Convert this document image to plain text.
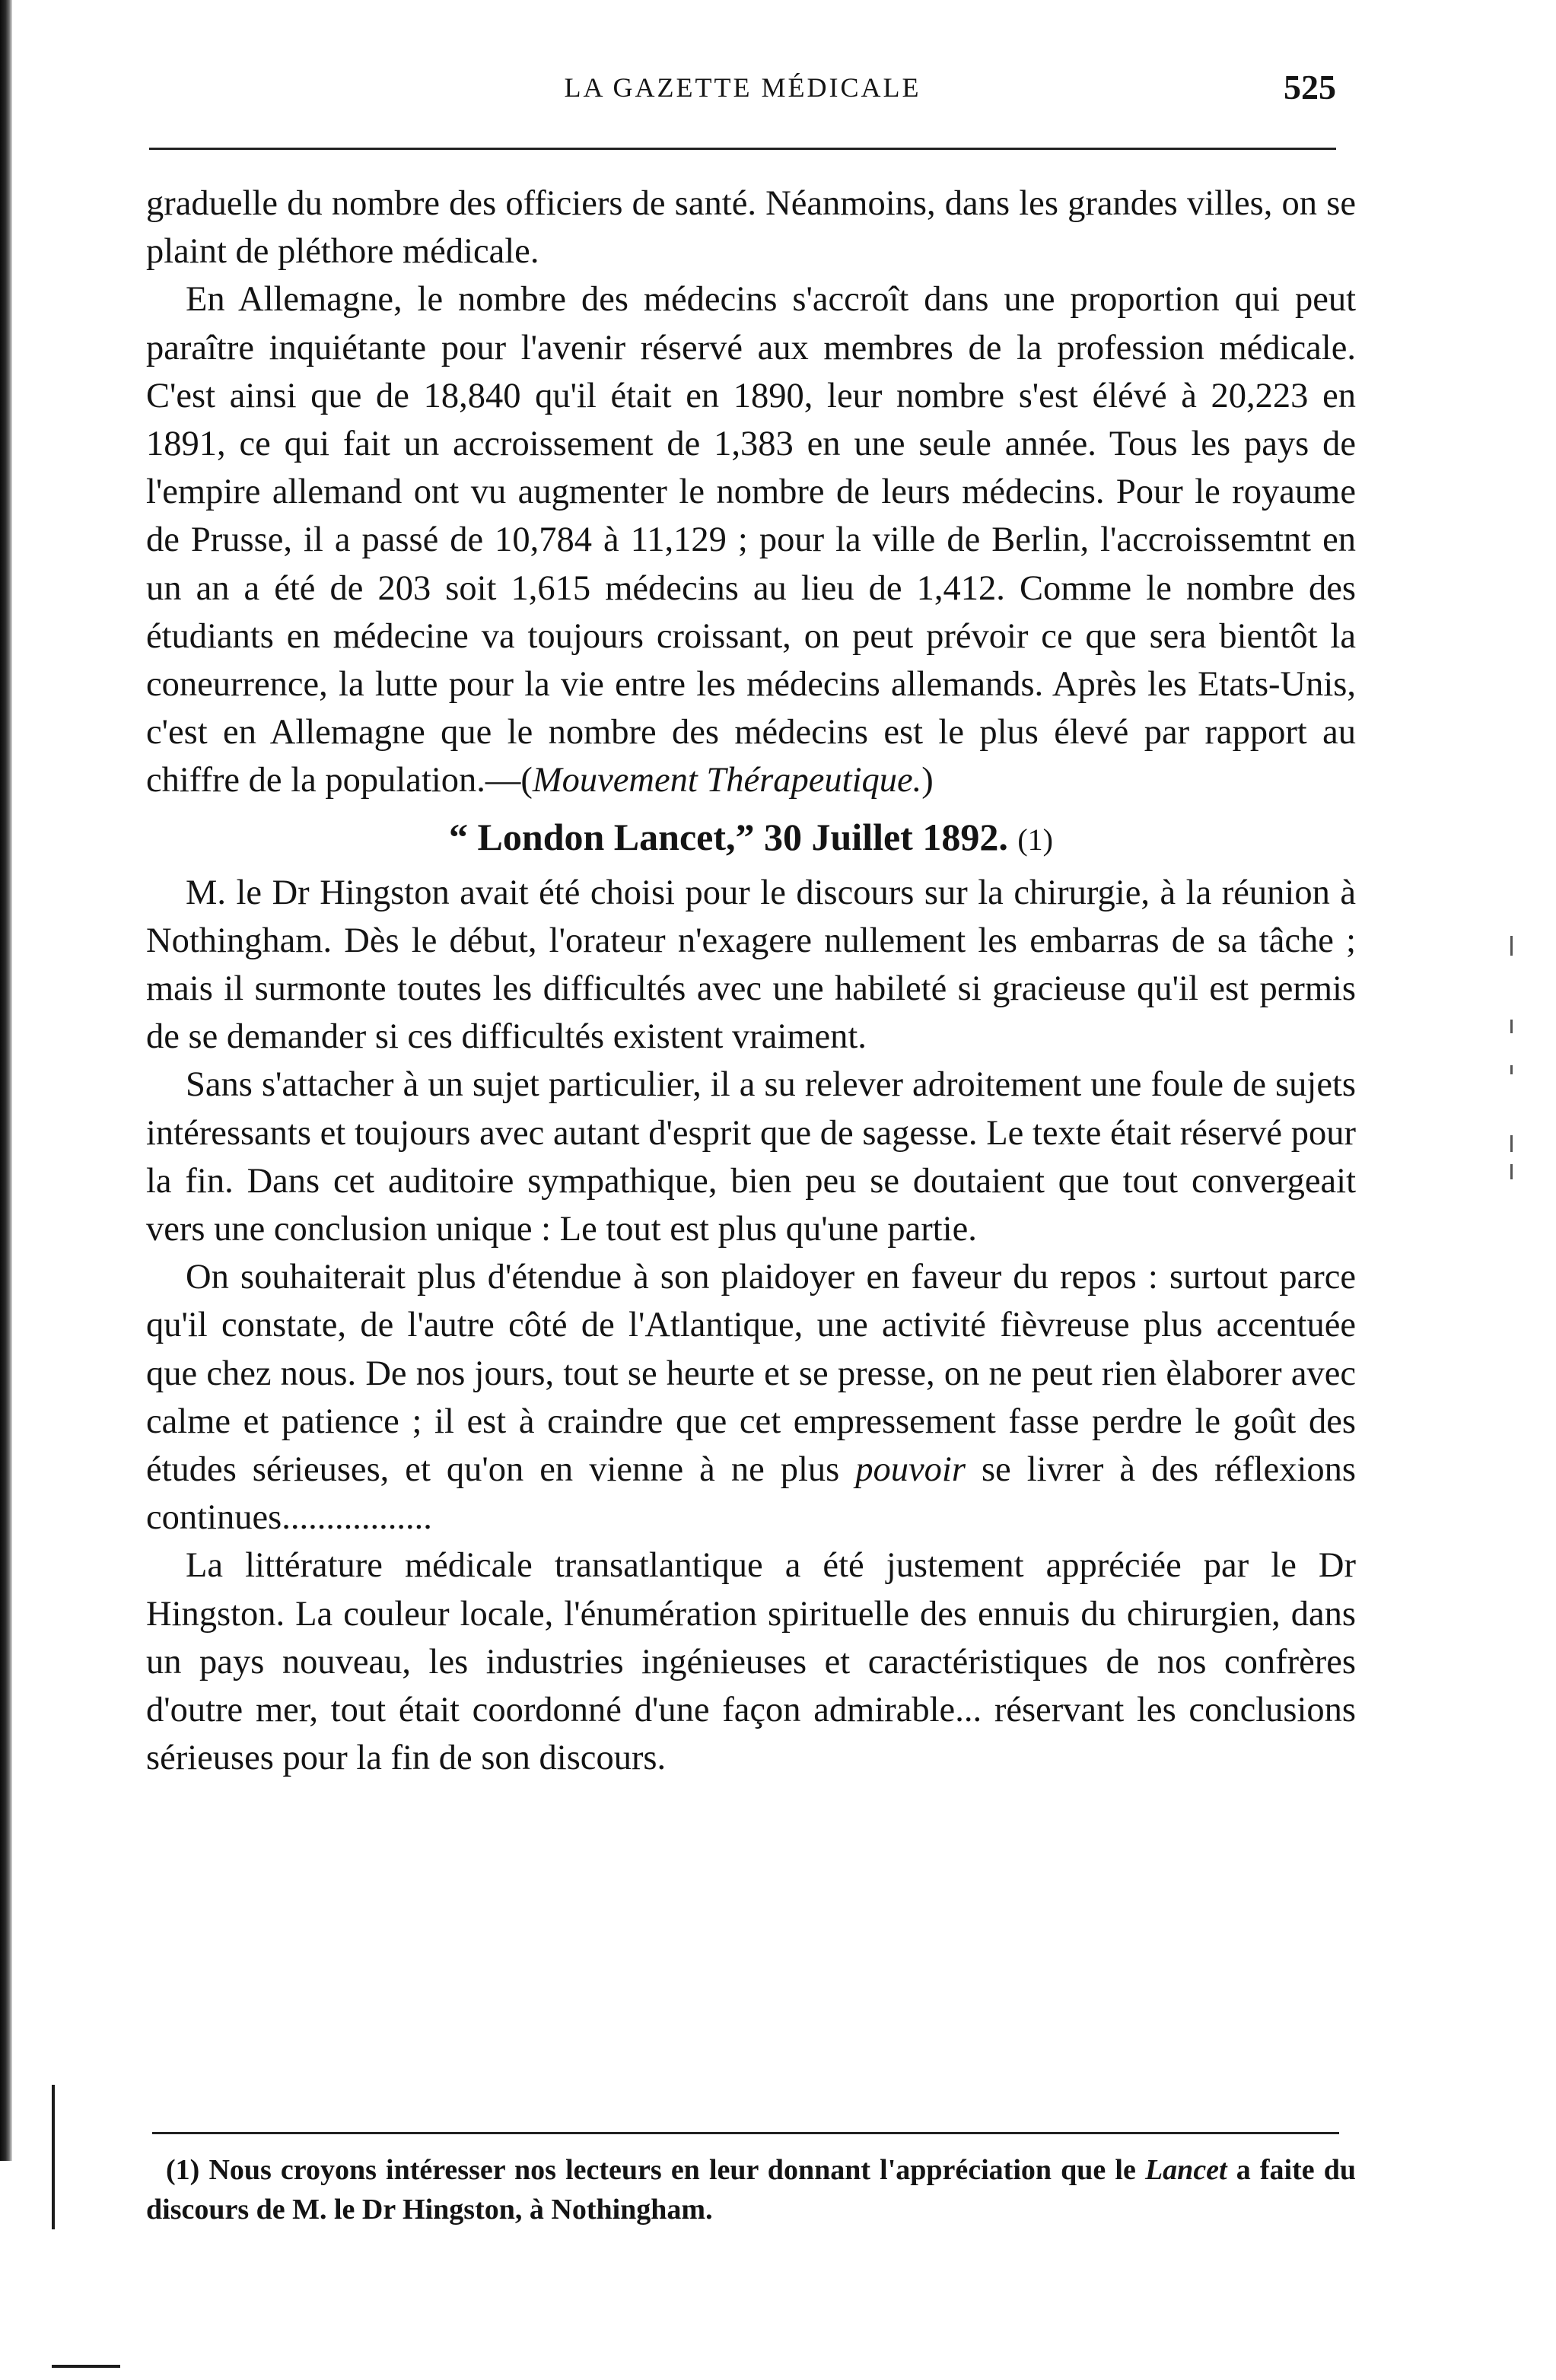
LA GAZETTE MÉDICALE	525

graduelle du nombre des officiers de santé. Néanmoins, dans les grandes villes, on se plaint de pléthore médicale.

En Allemagne, le nombre des médecins s'accroît dans une proportion qui peut paraître inquiétante pour l'avenir réservé aux membres de la profession médicale. C'est ainsi que de 18,840 qu'il était en 1890, leur nombre s'est élévé à 20,223 en 1891, ce qui fait un accroissement de 1,383 en une seule année. Tous les pays de l'empire allemand ont vu augmenter le nombre de leurs médecins. Pour le royaume de Prusse, il a passé de 10,784 à 11,129 ; pour la ville de Berlin, l'accroissemtnt en un an a été de 203 soit 1,615 médecins au lieu de 1,412. Comme le nombre des étudiants en médecine va toujours croissant, on peut prévoir ce que sera bientôt la coneurrence, la lutte pour la vie entre les médecins allemands. Après les Etats-Unis, c'est en Allemagne que le nombre des médecins est le plus élevé par rapport au chiffre de la population.—(Mouvement Thérapeutique.)

“ London Lancet,” 30 Juillet 1892. (1)

M. le Dr Hingston avait été choisi pour le discours sur la chirurgie, à la réunion à Nothingham. Dès le début, l'orateur n'exagere nullement les embarras de sa tâche ; mais il surmonte toutes les difficultés avec une habileté si gracieuse qu'il est permis de se demander si ces difficultés existent vraiment.

Sans s'attacher à un sujet particulier, il a su relever adroitement une foule de sujets intéressants et toujours avec autant d'esprit que de sagesse. Le texte était réservé pour la fin. Dans cet auditoire sympathique, bien peu se doutaient que tout convergeait vers une conclusion unique : Le tout est plus qu'une partie.

On souhaiterait plus d'étendue à son plaidoyer en faveur du repos : surtout parce qu'il constate, de l'autre côté de l'Atlantique, une activité fièvreuse plus accentuée que chez nous. De nos jours, tout se heurte et se presse, on ne peut rien èlaborer avec calme et patience ; il est à craindre que cet empressement fasse perdre le goût des études sérieuses, et qu'on en vienne à ne plus pouvoir se livrer à des réflexions continues.................

La littérature médicale transatlantique a été justement appréciée par le Dr Hingston. La couleur locale, l'énumération spirituelle des ennuis du chirurgien, dans un pays nouveau, les industries ingénieuses et caractéristiques de nos confrères d'outre mer, tout était coordonné d'une façon admirable... réservant les conclusions sérieuses pour la fin de son discours.

(1) Nous croyons intéresser nos lecteurs en leur donnant l'appréciation que le Lancet a faite du discours de M. le Dr Hingston, à Nothingham.
